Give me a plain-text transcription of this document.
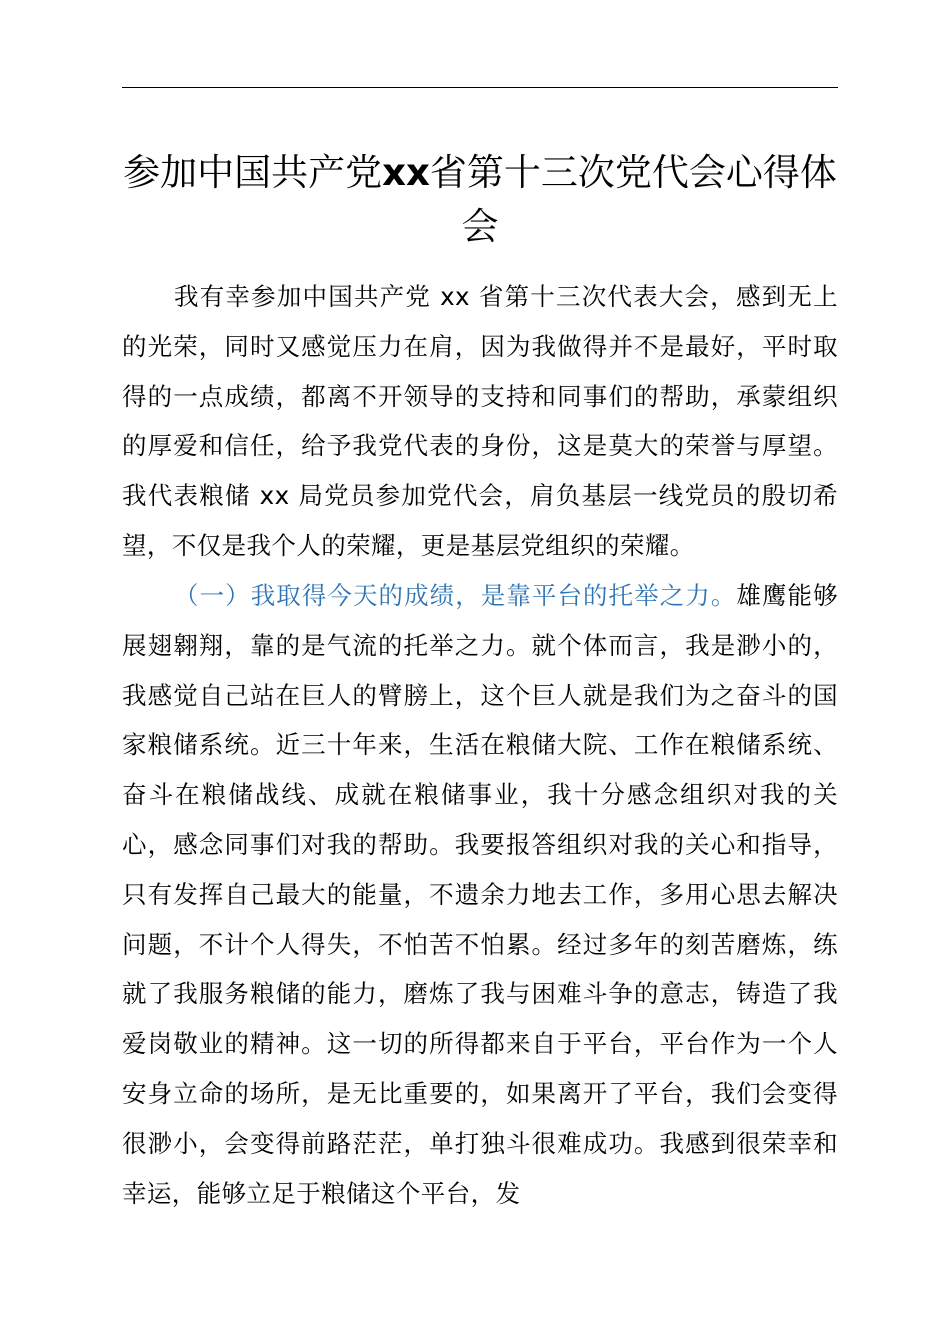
参加中国共产党xx省第十三次党代会心得体会

我有幸参加中国共产党 xx 省第十三次代表大会，感到无上的光荣，同时又感觉压力在肩，因为我做得并不是最好，平时取得的一点成绩，都离不开领导的支持和同事们的帮助，承蒙组织的厚爱和信任，给予我党代表的身份，这是莫大的荣誉与厚望。我代表粮储 xx 局党员参加党代会，肩负基层一线党员的殷切希望，不仅是我个人的荣耀，更是基层党组织的荣耀。

（一）我取得今天的成绩，是靠平台的托举之力。雄鹰能够展翅翱翔，靠的是气流的托举之力。就个体而言，我是渺小的，我感觉自己站在巨人的臂膀上，这个巨人就是我们为之奋斗的国家粮储系统。近三十年来，生活在粮储大院、工作在粮储系统、奋斗在粮储战线、成就在粮储事业，我十分感念组织对我的关心，感念同事们对我的帮助。我要报答组织对我的关心和指导，只有发挥自己最大的能量，不遗余力地去工作，多用心思去解决问题，不计个人得失，不怕苦不怕累。经过多年的刻苦磨炼，练就了我服务粮储的能力，磨炼了我与困难斗争的意志，铸造了我爱岗敬业的精神。这一切的所得都来自于平台，平台作为一个人安身立命的场所，是无比重要的，如果离开了平台，我们会变得很渺小，会变得前路茫茫，单打独斗很难成功。我感到很荣幸和幸运，能够立足于粮储这个平台，发
